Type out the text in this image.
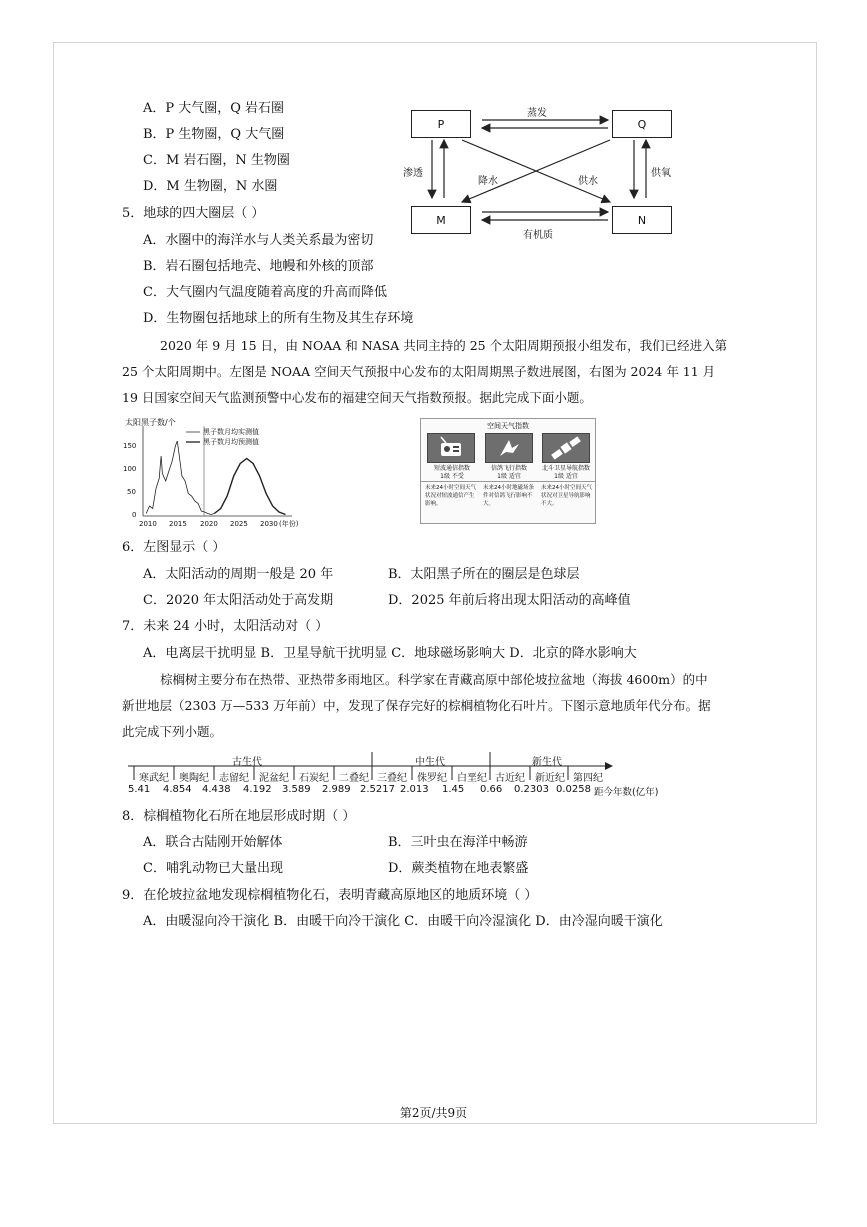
A．P 大气圈，Q 岩石圈
B．P 生物圈，Q 大气圈
C．M 岩石圈，N 生物圈
D．M 生物圈，N 水圈
P	Q
M	N
蒸发
渗透
降水	供水
供氧
有机质
5．地球的四大圈层（ ）
A．水圈中的海洋水与人类关系最为密切
B．岩石圈包括地壳、地幔和外核的顶部
C．大气圈内气温度随着高度的升高而降低
D．生物圈包括地球上的所有生物及其生存环境
2020 年 9 月 15 日，由 NOAA 和 NASA 共同主持的 25 个太阳周期预报小组发布，我们已经进入第
25 个太阳周期中。左图是 NOAA 空间天气预报中心发布的太阳周期黑子数进展图，右图为 2024 年 11 月
19 日国家空间天气监测预警中心发布的福建空间天气指数预报。据此完成下面小题。
太阳黑子数/个
150
100
50
0
2010 2015 2020 2025 2030 (年份)
黑子数月均实测值
黑子数月均预测值
空间天气指数
短波通信指数
1级 不受
信鸽飞行指数
1级 适宜
北斗卫星导航指数
1级 适宜
未来24小时空间天气状况对短波通信产生影响。
未来24小时地磁场条件对信鸽飞行影响不大。
未来24小时空间天气状况对卫星导航影响不大。
6．左图显示（ ）
A．太阳活动的周期一般是 20 年	B．太阳黑子所在的圈层是色球层
C．2020 年太阳活动处于高发期	D．2025 年前后将出现太阳活动的高峰值
7．未来 24 小时，太阳活动对（ ）
A．电离层干扰明显 B．卫星导航干扰明显 C．地球磁场影响大 D．北京的降水影响大
棕榈树主要分布在热带、亚热带多雨地区。科学家在青藏高原中部伦坡拉盆地（海拔 4600m）的中
新世地层（2303 万—533 万年前）中，发现了保存完好的棕榈植物化石叶片。下图示意地质年代分布。据
此完成下列小题。
古生代	中生代	新生代
寒武纪 奥陶纪 志留纪 泥盆纪 石炭纪 二叠纪 三叠纪 侏罗纪 白垩纪 古近纪 新近纪 第四纪
5.41 4.854 4.438 4.192 3.589 2.989 2.5217 2.013 1.45 0.66 0.2303 0.0258 距今年数(亿年)
8．棕榈植物化石所在地层形成时期（ ）
A．联合古陆刚开始解体	B．三叶虫在海洋中畅游
C．哺乳动物已大量出现	D．蕨类植物在地表繁盛
9．在伦坡拉盆地发现棕榈植物化石，表明青藏高原地区的地质环境（ ）
A．由暖湿向冷干演化 B．由暖干向冷干演化 C．由暖干向冷湿演化 D．由冷湿向暖干演化
第2页/共9页
